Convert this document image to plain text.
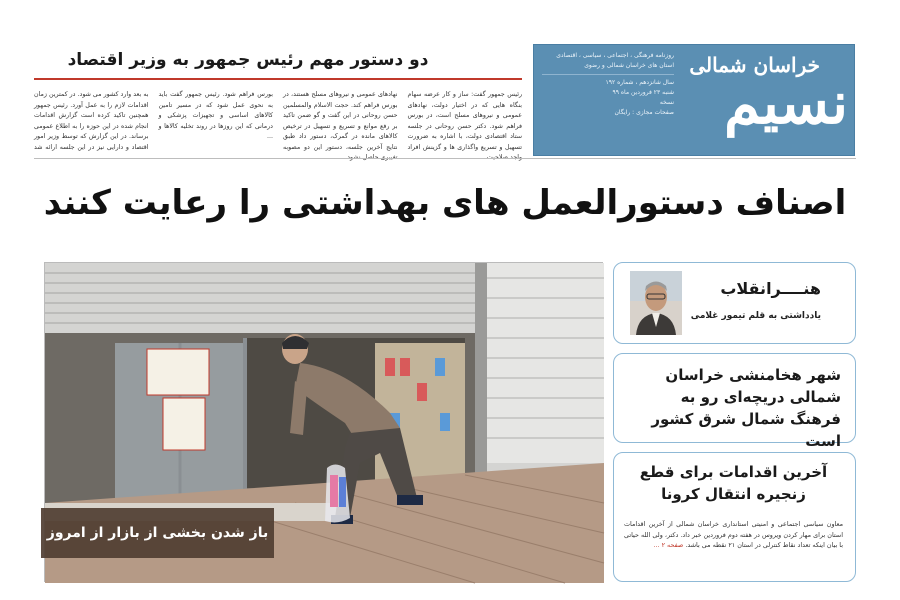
روزنامه فرهنگی ، اجتماعی ، سیاسی ، اقتصادی
استان های خراسان شمالی و رضوی
سال شانزدهم ، شماره ۱۹۲
شنبه ۲۳ فروردین ماه ۹۹
نسخه
صفحات مجازی : رایگان
خراسان شمالی
نسیم
دو دستور مهم رئیس جمهور به وزیر اقتصاد
رئیس جمهور گفت: ساز و کار عرضه سهام بنگاه هایی که در اختیار دولت، نهادهای عمومی و نیروهای مسلح است، در بورس فراهم شود. دکتر حسن روحانی در جلسه ستاد اقتصادی دولت، با اشاره به ضرورت تسهیل و تسریع واگذاری ها و گزینش افراد واجد صلاحیت ...
نهادهای عمومی و نیروهای مسلح هستند، در بورس فراهم کند. حجت الاسلام والمسلمین حسن روحانی در این گفت و گو ضمن تاکید بر رفع موانع و تسریع و تسهیل در ترخیص کالاهای مانده در گمرک، دستور داد طبق نتایج آخرین جلسه، دستور این دو مصوبه تغییری حاصل نشود ...
بورس فراهم شود. رئیس جمهور گفت باید به نحوی عمل شود که در مسیر تامین کالاهای اساسی و تجهیزات پزشکی و درمانی که این روزها در روند تخلیه کالاها و ...
به بعد وارد کشور می شود. در کمترین زمان اقدامات لازم را به عمل آورد. رئیس جمهور همچنین تاکید کرده است گزارش اقدامات انجام شده در این حوزه را به اطلاع عمومی برساند. در این گزارش که توسط وزیر امور اقتصاد و دارایی نیز در این جلسه ارائه شد ...
اصناف دستورالعمل های بهداشتی را رعایت کنند
باز شدن بخشی از بازار از امروز
هنــــرانقلاب
یادداشتی به قلم تیمور غلامی
شهر هخامنشی خراسان شمالی دریچه‌ای رو به فرهنگ شمال شرق کشور است
آخرین اقدامات برای قطع زنجیره انتقال کرونا
معاون سیاسی اجتماعی و امنیتی استانداری خراسان شمالی از آخرین اقدامات استان برای مهار کردن ویروس در هفته دوم فروردین خبر داد. دکتر، ولی الله حیاتی با بیان اینکه تعداد نقاط کنترلی در استان ۲۱ نقطه می باشد. صفحه ۲ ...
